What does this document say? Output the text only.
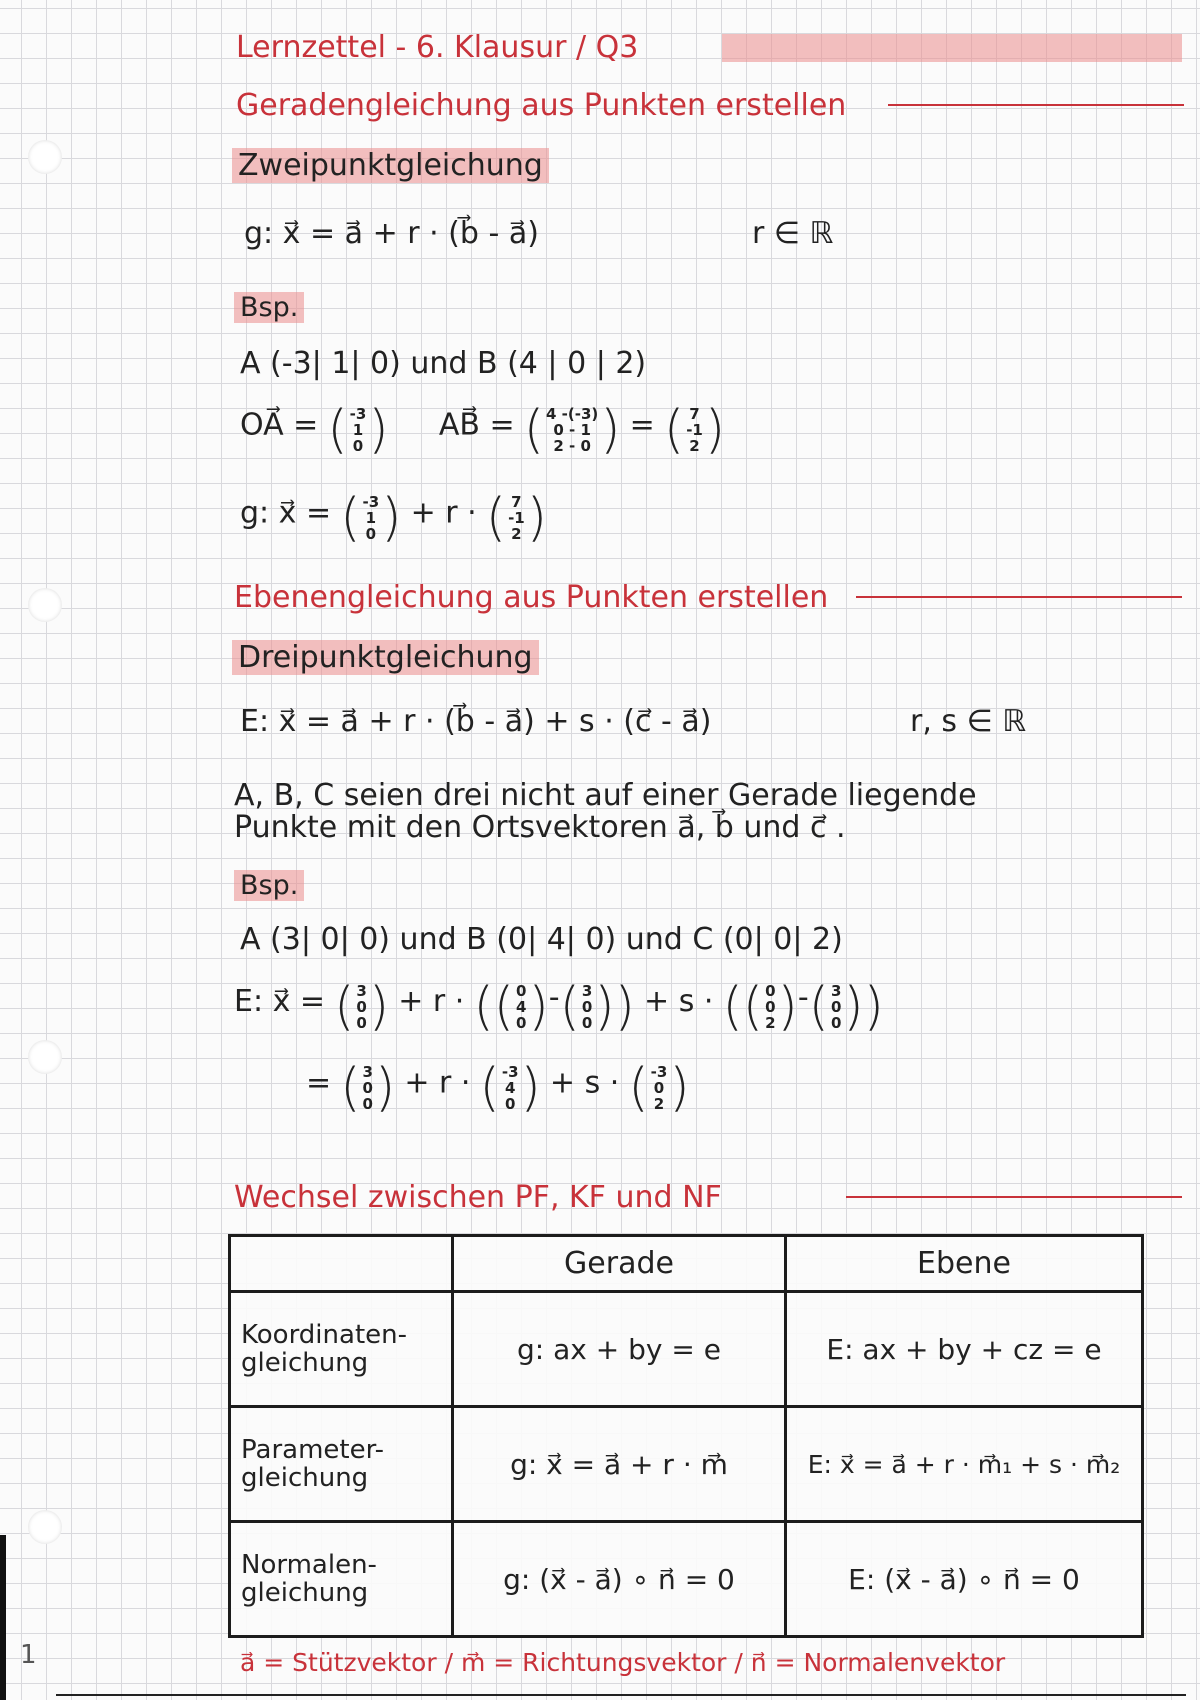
Lernzettel - 6. Klausur / Q3
Geradengleichung aus Punkten erstellen
Zweipunktgleichung
g: x⃗ = a⃗ + r · (b⃗ - a⃗)	r ∈ ℝ
Bsp.
A (-3| 1| 0) und B (4 | 0 | 2)
OA⃗ = ( -3
1
0 ) AB⃗ = ( 4 -(-3)
0 - 1
2 - 0 ) = ( 7
-1
2 )
g: x⃗ = ( -3
1
0 ) + r · ( 7
-1
2 )
Ebenengleichung aus Punkten erstellen
Dreipunktgleichung
E: x⃗ = a⃗ + r · (b⃗ - a⃗) + s · (c⃗ - a⃗)	r, s ∈ ℝ
A, B, C seien drei nicht auf einer Gerade liegende
Punkte mit den Ortsvektoren a⃗, b⃗ und c⃗ .
Bsp.
A (3| 0| 0) und B (0| 4| 0) und C (0| 0| 2)
E: x⃗ = ( 3
0
0 ) + r · (( 0
4
0 )-( 3
0
0 )) + s · (( 0
0
2 )-( 3
0
0 ))
= ( 3
0
0 ) + r · ( -3
4
0 ) + s · ( -3
0
2 )
Wechsel zwischen PF, KF und NF
	Gerade	Ebene
Koordinaten-gleichung	g: ax + by = e	E: ax + by + cz = e
Parameter-gleichung	g: x⃗ = a⃗ + r · m⃗	E: x⃗ = a⃗ + r · m⃗₁ + s · m⃗₂
Normalen-gleichung	g: (x⃗ - a⃗) ∘ n⃗ = 0	E: (x⃗ - a⃗) ∘ n⃗ = 0
a⃗ = Stützvektor / m⃗ = Richtungsvektor / n⃗ = Normalenvektor
1
